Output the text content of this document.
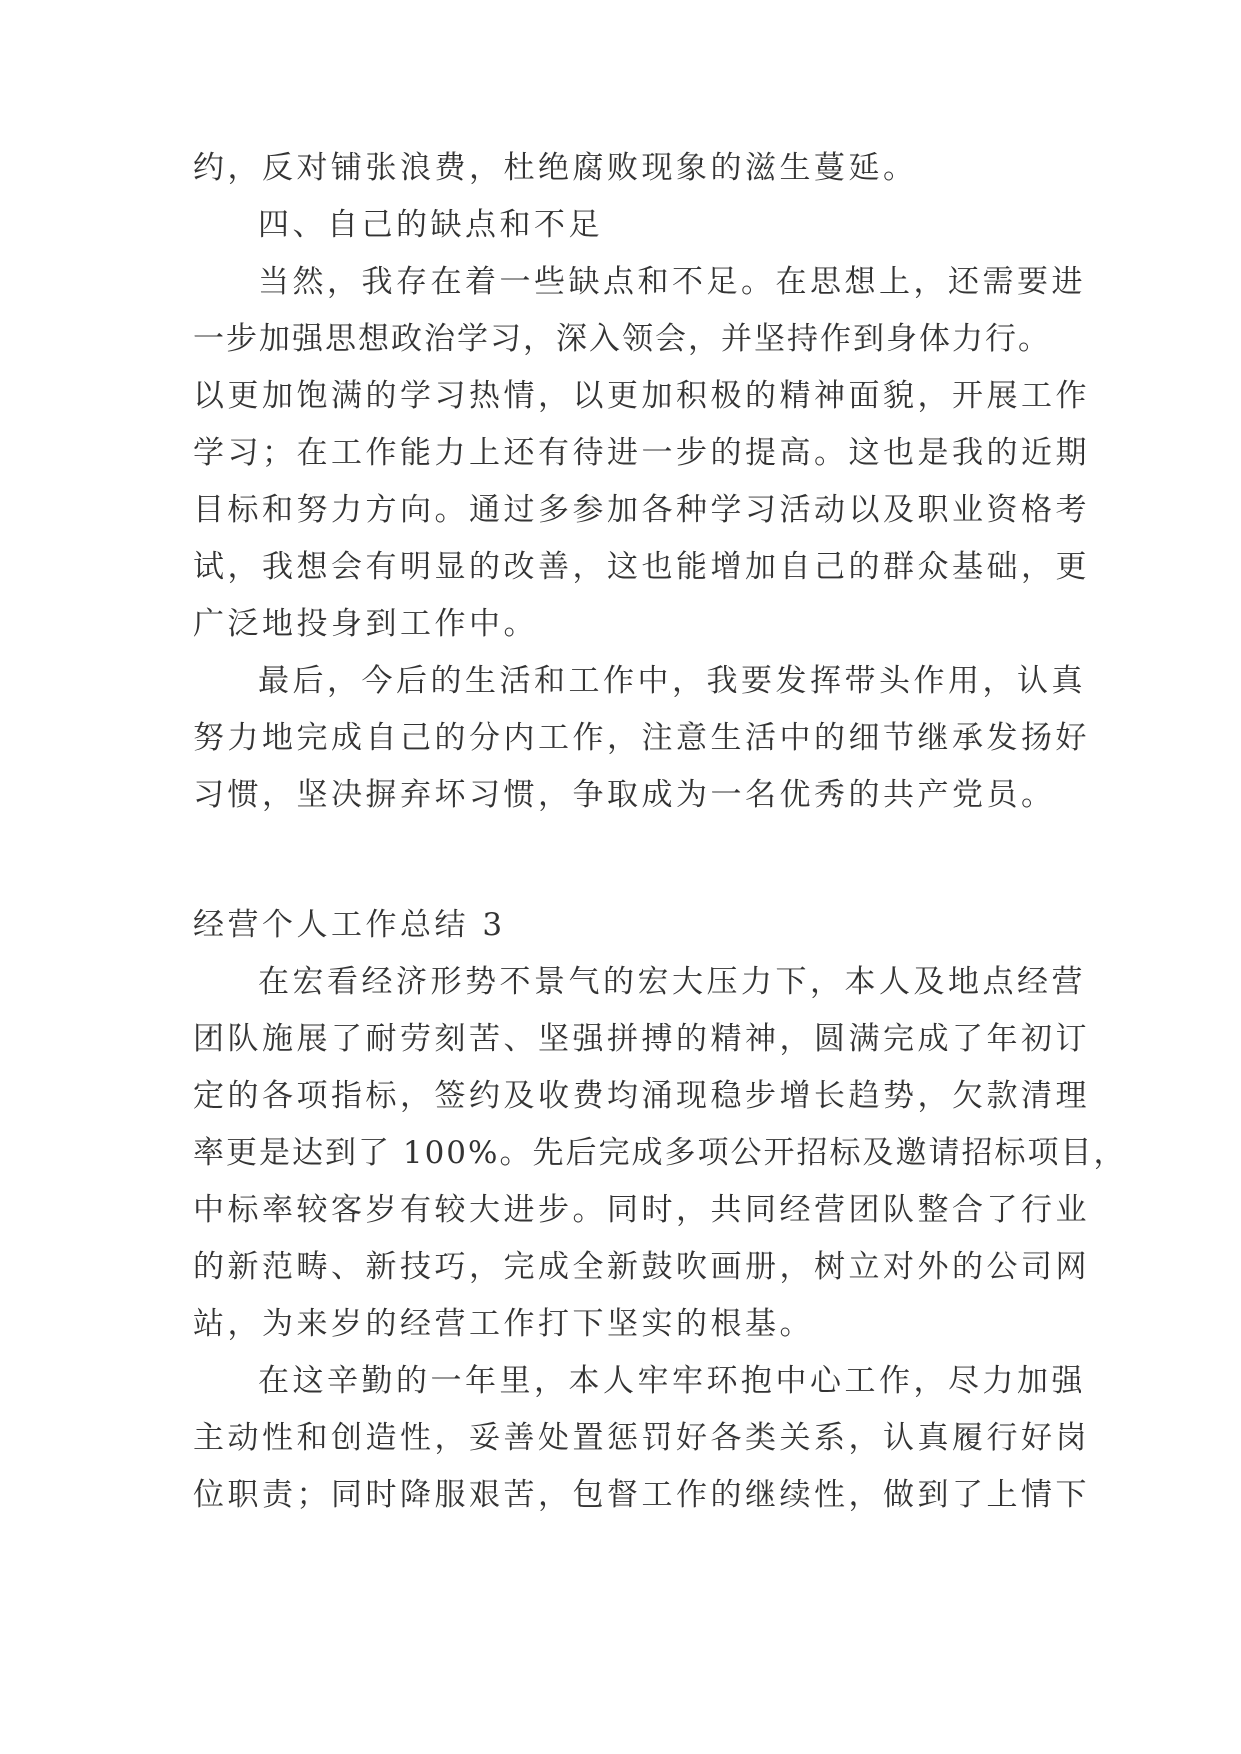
约，反对铺张浪费，杜绝腐败现象的滋生蔓延。
四、自己的缺点和不足
当然，我存在着一些缺点和不足。在思想上，还需要进
一步加强思想政治学习，深入领会，并坚持作到身体力行。
以更加饱满的学习热情，以更加积极的精神面貌，开展工作
学习；在工作能力上还有待进一步的提高。这也是我的近期
目标和努力方向。通过多参加各种学习活动以及职业资格考
试，我想会有明显的改善，这也能增加自己的群众基础，更
广泛地投身到工作中。
最后，今后的生活和工作中，我要发挥带头作用，认真
努力地完成自己的分内工作，注意生活中的细节继承发扬好
习惯，坚决摒弃坏习惯，争取成为一名优秀的共产党员。
经营个人工作总结 3
在宏看经济形势不景气的宏大压力下，本人及地点经营
团队施展了耐劳刻苦、坚强拼搏的精神，圆满完成了年初订
定的各项指标，签约及收费均涌现稳步增长趋势，欠款清理
率更是达到了 100%。先后完成多项公开招标及邀请招标项目，
中标率较客岁有较大进步。同时，共同经营团队整合了行业
的新范畴、新技巧，完成全新鼓吹画册，树立对外的公司网
站，为来岁的经营工作打下坚实的根基。
在这辛勤的一年里，本人牢牢环抱中心工作，尽力加强
主动性和创造性，妥善处置惩罚好各类关系，认真履行好岗
位职责；同时降服艰苦，包督工作的继续性，做到了上情下
